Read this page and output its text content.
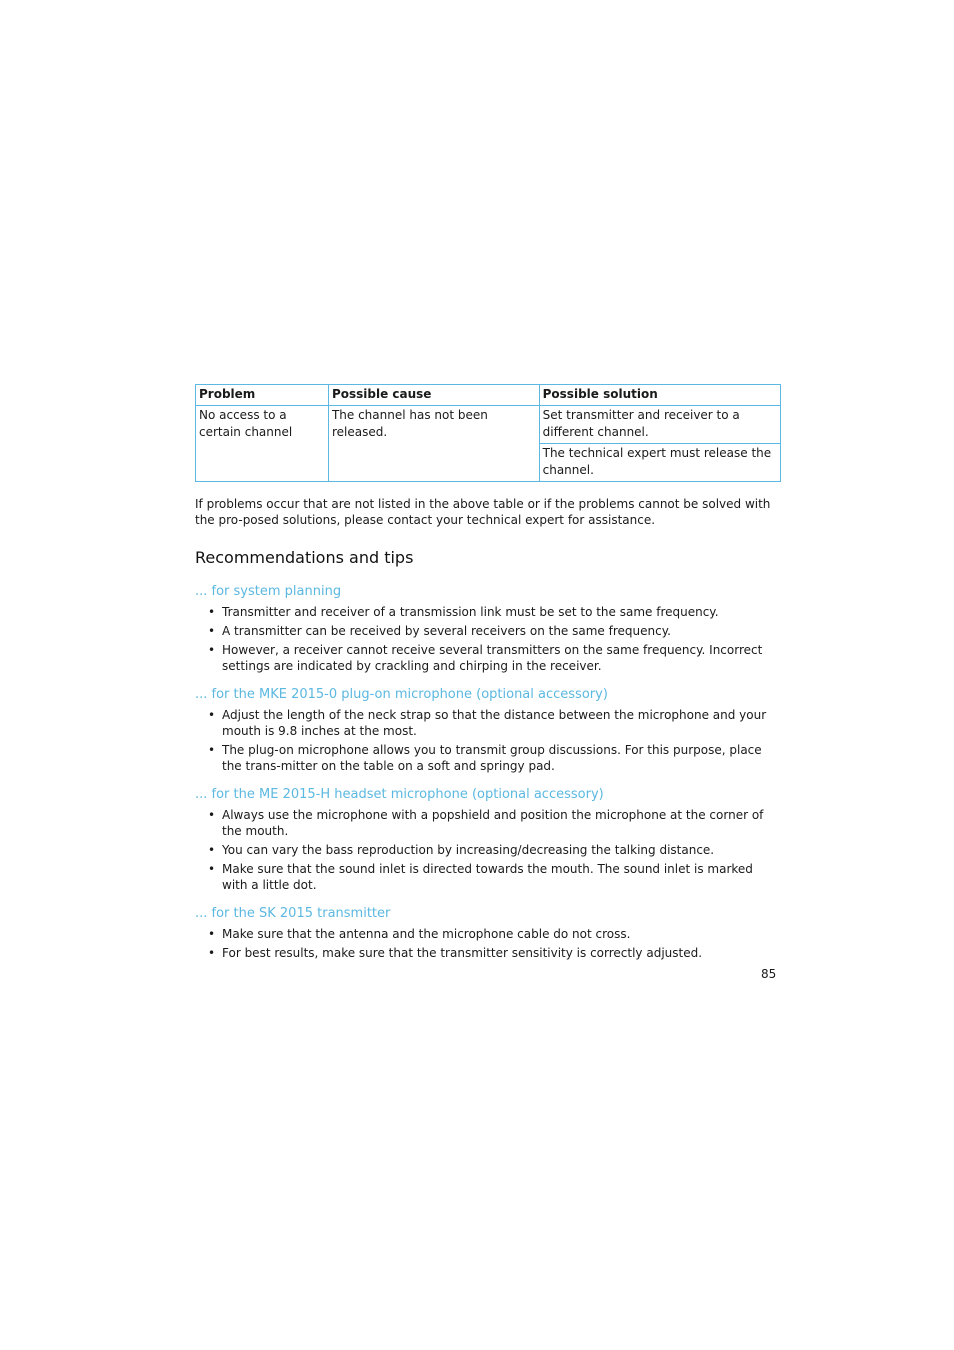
Problem	Possible cause	Possible solution
No access to a certain channel	The channel has not been released.	Set transmitter and receiver to a different channel.
		The technical expert must release the channel.

If problems occur that are not listed in the above table or if the problems cannot be solved with the pro-posed solutions, please contact your technical expert for assistance.

Recommendations and tips
... for system planning
• Transmitter and receiver of a transmission link must be set to the same frequency.
• A transmitter can be received by several receivers on the same frequency.
• However, a receiver cannot receive several transmitters on the same frequency. Incorrect settings are indicated by crackling and chirping in the receiver.
... for the MKE 2015-0 plug-on microphone (optional accessory)
• Adjust the length of the neck strap so that the distance between the microphone and your mouth is 9.8 inches at the most.
• The plug-on microphone allows you to transmit group discussions. For this purpose, place the trans-mitter on the table on a soft and springy pad.
... for the ME 2015-H headset microphone (optional accessory)
• Always use the microphone with a popshield and position the microphone at the corner of the mouth.
• You can vary the bass reproduction by increasing/decreasing the talking distance.
• Make sure that the sound inlet is directed towards the mouth. The sound inlet is marked with a little dot.
... for the SK 2015 transmitter
• Make sure that the antenna and the microphone cable do not cross.
• For best results, make sure that the transmitter sensitivity is correctly adjusted.
85
